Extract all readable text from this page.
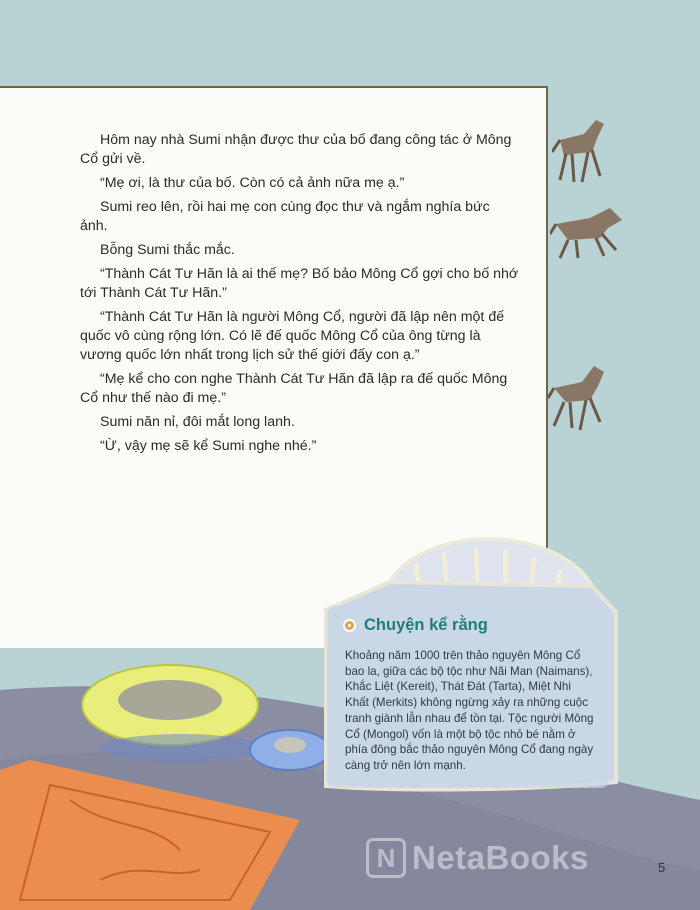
Hôm nay nhà Sumi nhận được thư của bố đang công tác ở Mông Cổ gửi về.

“Mẹ ơi, là thư của bố. Còn có cả ảnh nữa mẹ ạ.”

Sumi reo lên, rồi hai mẹ con cùng đọc thư và ngắm nghía bức ảnh.

Bỗng Sumi thắc mắc.

“Thành Cát Tư Hãn là ai thế mẹ? Bố bảo Mông Cổ gợi cho bố nhớ tới Thành Cát Tư Hãn.”

“Thành Cát Tư Hãn là người Mông Cổ, người đã lập nên một đế quốc vô cùng rộng lớn. Có lẽ đế quốc Mông Cổ của ông từng là vương quốc lớn nhất trong lịch sử thế giới đấy con ạ.”

“Mẹ kể cho con nghe Thành Cát Tư Hãn đã lập ra đế quốc Mông Cổ như thế nào đi mẹ.”

Sumi năn nỉ, đôi mắt long lanh.

“Ừ, vậy mẹ sẽ kể Sumi nghe nhé.”

Chuyện kể rằng
Khoảng năm 1000 trên thảo nguyên Mông Cổ bao la, giữa các bộ tộc như Nãi Man (Naimans), Khắc Liệt (Kereit), Thát Đát (Tarta), Miệt Nhi Khất (Merkits) không ngừng xảy ra những cuộc tranh giành lẫn nhau để tồn tại. Tộc người Mông Cổ (Mongol) vốn là một bộ tộc nhỏ bé nằm ở phía đông bắc thảo nguyên Mông Cổ đang ngày càng trở nên lớn mạnh.
N NetaBooks	5
